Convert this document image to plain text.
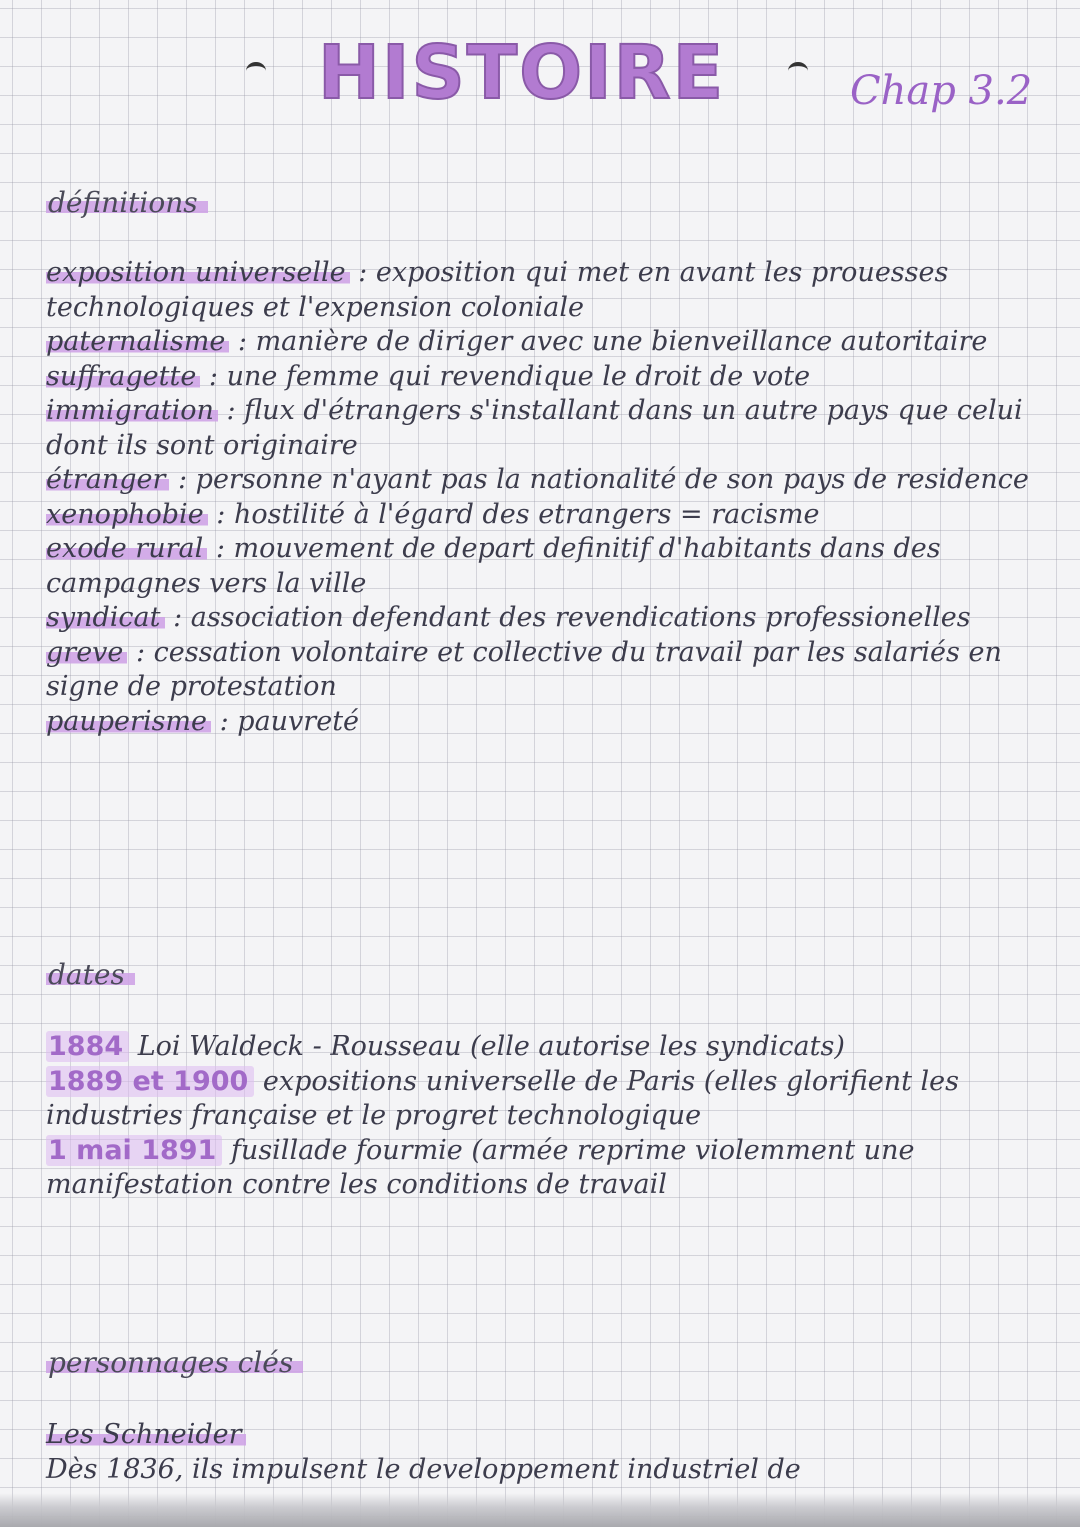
HISTOIRE	Chap 3.2
définitions
exposition universelle : exposition qui met en avant les prouesses technologiques et l'expension coloniale
paternalisme : manière de diriger avec une bienveillance autoritaire
suffragette : une femme qui revendique le droit de vote
immigration : flux d'étrangers s'installant dans un autre pays que celui dont ils sont originaire
étranger : personne n'ayant pas la nationalité de son pays de residence
xenophobie : hostilité à l'égard des etrangers = racisme
exode rural : mouvement de depart definitif d'habitants dans des campagnes vers la ville
syndicat : association defendant des revendications professionelles
greve : cessation volontaire et collective du travail par les salariés en signe de protestation
pauperisme : pauvreté
dates
1884 Loi Waldeck - Rousseau (elle autorise les syndicats)
1889 et 1900 expositions universelle de Paris (elles glorifient les industries française et le progret technologique
1 mai 1891 fusillade fourmie (armée reprime violemment une manifestation contre les conditions de travail
personnages clés
Les Schneider
Dès 1836, ils impulsent le developpement industriel de
